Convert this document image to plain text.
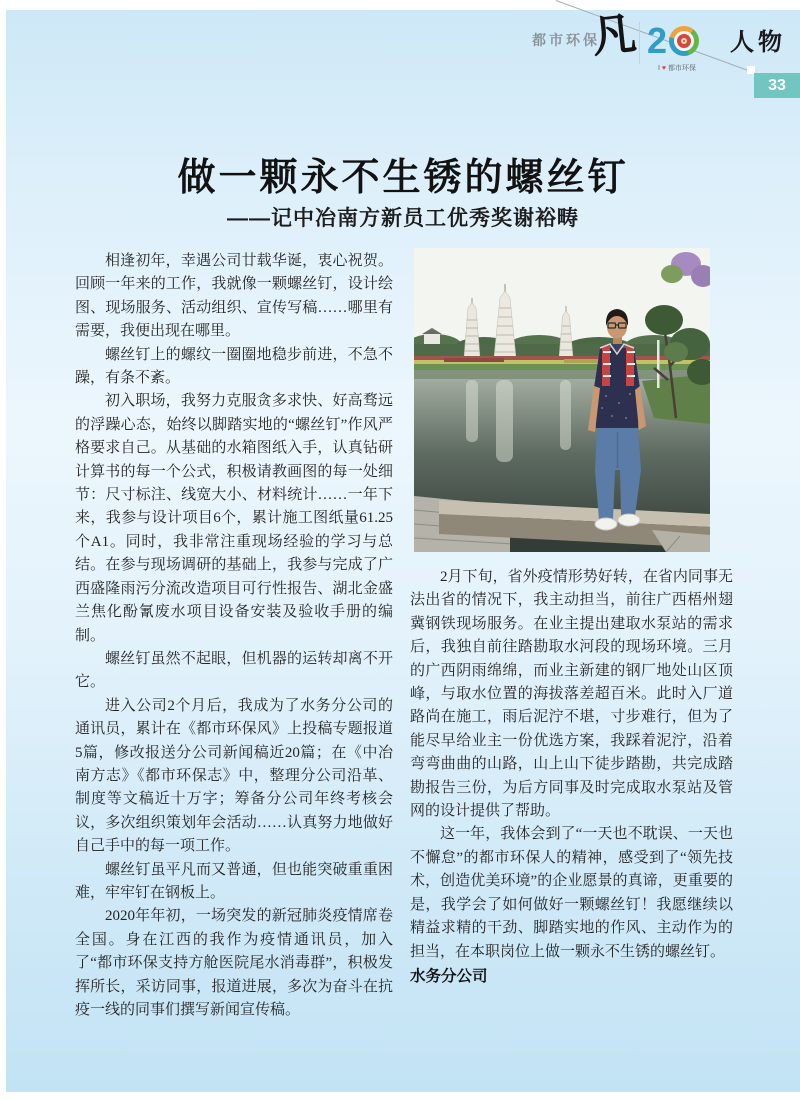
都市环保
凡 2
I ♥ 都市环保
人物
33
做一颗永不生锈的螺丝钉
——记中冶南方新员工优秀奖谢裕畴

相逢初年，幸遇公司廿载华诞，衷心祝贺。回顾一年来的工作，我就像一颗螺丝钉，设计绘图、现场服务、活动组织、宣传写稿……哪里有需要，我便出现在哪里。

螺丝钉上的螺纹一圈圈地稳步前进，不急不躁，有条不紊。

初入职场，我努力克服贪多求快、好高骛远的浮躁心态，始终以脚踏实地的“螺丝钉”作风严格要求自己。从基础的水箱图纸入手，认真钻研计算书的每一个公式，积极请教画图的每一处细节：尺寸标注、线宽大小、材料统计……一年下来，我参与设计项目6个，累计施工图纸量61.25个A1。同时，我非常注重现场经验的学习与总结。在参与现场调研的基础上，我参与完成了广西盛隆雨污分流改造项目可行性报告、湖北金盛兰焦化酚氰废水项目设备安装及验收手册的编制。

螺丝钉虽然不起眼，但机器的运转却离不开它。

进入公司2个月后，我成为了水务分公司的通讯员，累计在《都市环保风》上投稿专题报道5篇，修改报送分公司新闻稿近20篇；在《中冶南方志》《都市环保志》中，整理分公司沿革、制度等文稿近十万字；筹备分公司年终考核会议，多次组织策划年会活动……认真努力地做好自己手中的每一项工作。

螺丝钉虽平凡而又普通，但也能突破重重困难，牢牢钉在钢板上。

2020年年初，一场突发的新冠肺炎疫情席卷全国。身在江西的我作为疫情通讯员，加入了“都市环保支持方舱医院尾水消毒群”，积极发挥所长，采访同事，报道进展，多次为奋斗在抗疫一线的同事们撰写新闻宣传稿。

2月下旬，省外疫情形势好转，在省内同事无法出省的情况下，我主动担当，前往广西梧州翅冀钢铁现场服务。在业主提出建取水泵站的需求后，我独自前往踏勘取水河段的现场环境。三月的广西阴雨绵绵，而业主新建的钢厂地处山区顶峰，与取水位置的海拔落差超百米。此时入厂道路尚在施工，雨后泥泞不堪，寸步难行，但为了能尽早给业主一份优选方案，我踩着泥泞，沿着弯弯曲曲的山路，山上山下徒步踏勘，共完成踏勘报告三份，为后方同事及时完成取水泵站及管网的设计提供了帮助。

这一年，我体会到了“一天也不耽误、一天也不懈怠”的都市环保人的精神，感受到了“领先技术，创造优美环境”的企业愿景的真谛，更重要的是，我学会了如何做好一颗螺丝钉！我愿继续以精益求精的干劲、脚踏实地的作风、主动作为的担当，在本职岗位上做一颗永不生锈的螺丝钉。

水务分公司
